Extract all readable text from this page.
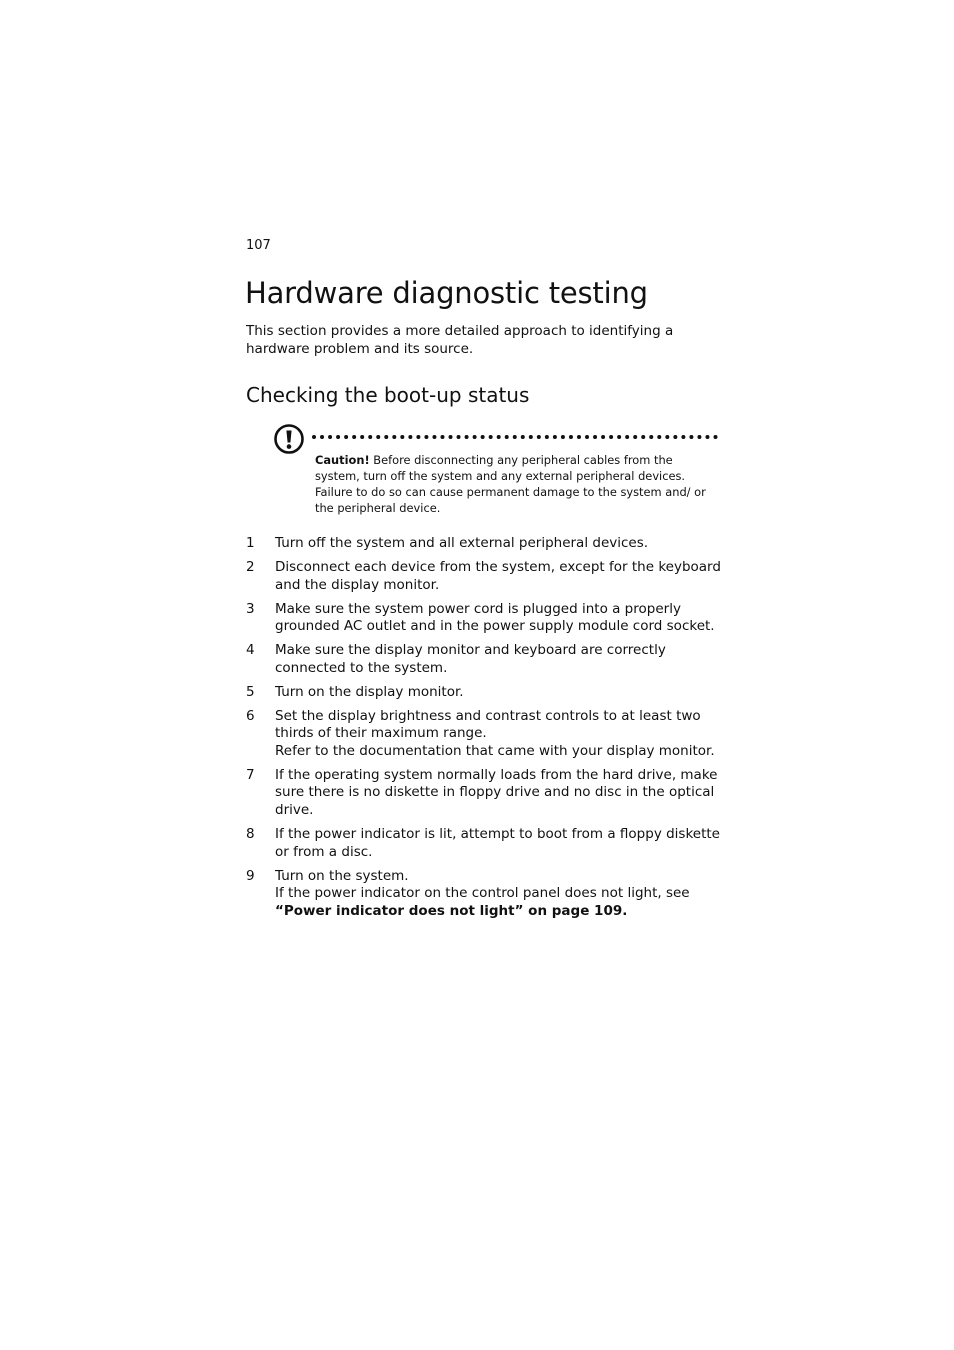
107
Hardware diagnostic testing

This section provides a more detailed approach to identifying a hardware problem and its source.

Checking the boot-up status

Caution! Before disconnecting any peripheral cables from the system, turn off the system and any external peripheral devices. Failure to do so can cause permanent damage to the system and/ or the peripheral device.

1	Turn off the system and all external peripheral devices.
2	Disconnect each device from the system, except for the keyboard and the display monitor.
3	Make sure the system power cord is plugged into a properly grounded AC outlet and in the power supply module cord socket.
4	Make sure the display monitor and keyboard are correctly connected to the system.
5	Turn on the display monitor.
6	Set the display brightness and contrast controls to at least two thirds of their maximum range.
Refer to the documentation that came with your display monitor.
7	If the operating system normally loads from the hard drive, make sure there is no diskette in floppy drive and no disc in the optical drive.
8	If the power indicator is lit, attempt to boot from a floppy diskette or from a disc.
9	Turn on the system.
If the power indicator on the control panel does not light, see
“Power indicator does not light” on page 109.
